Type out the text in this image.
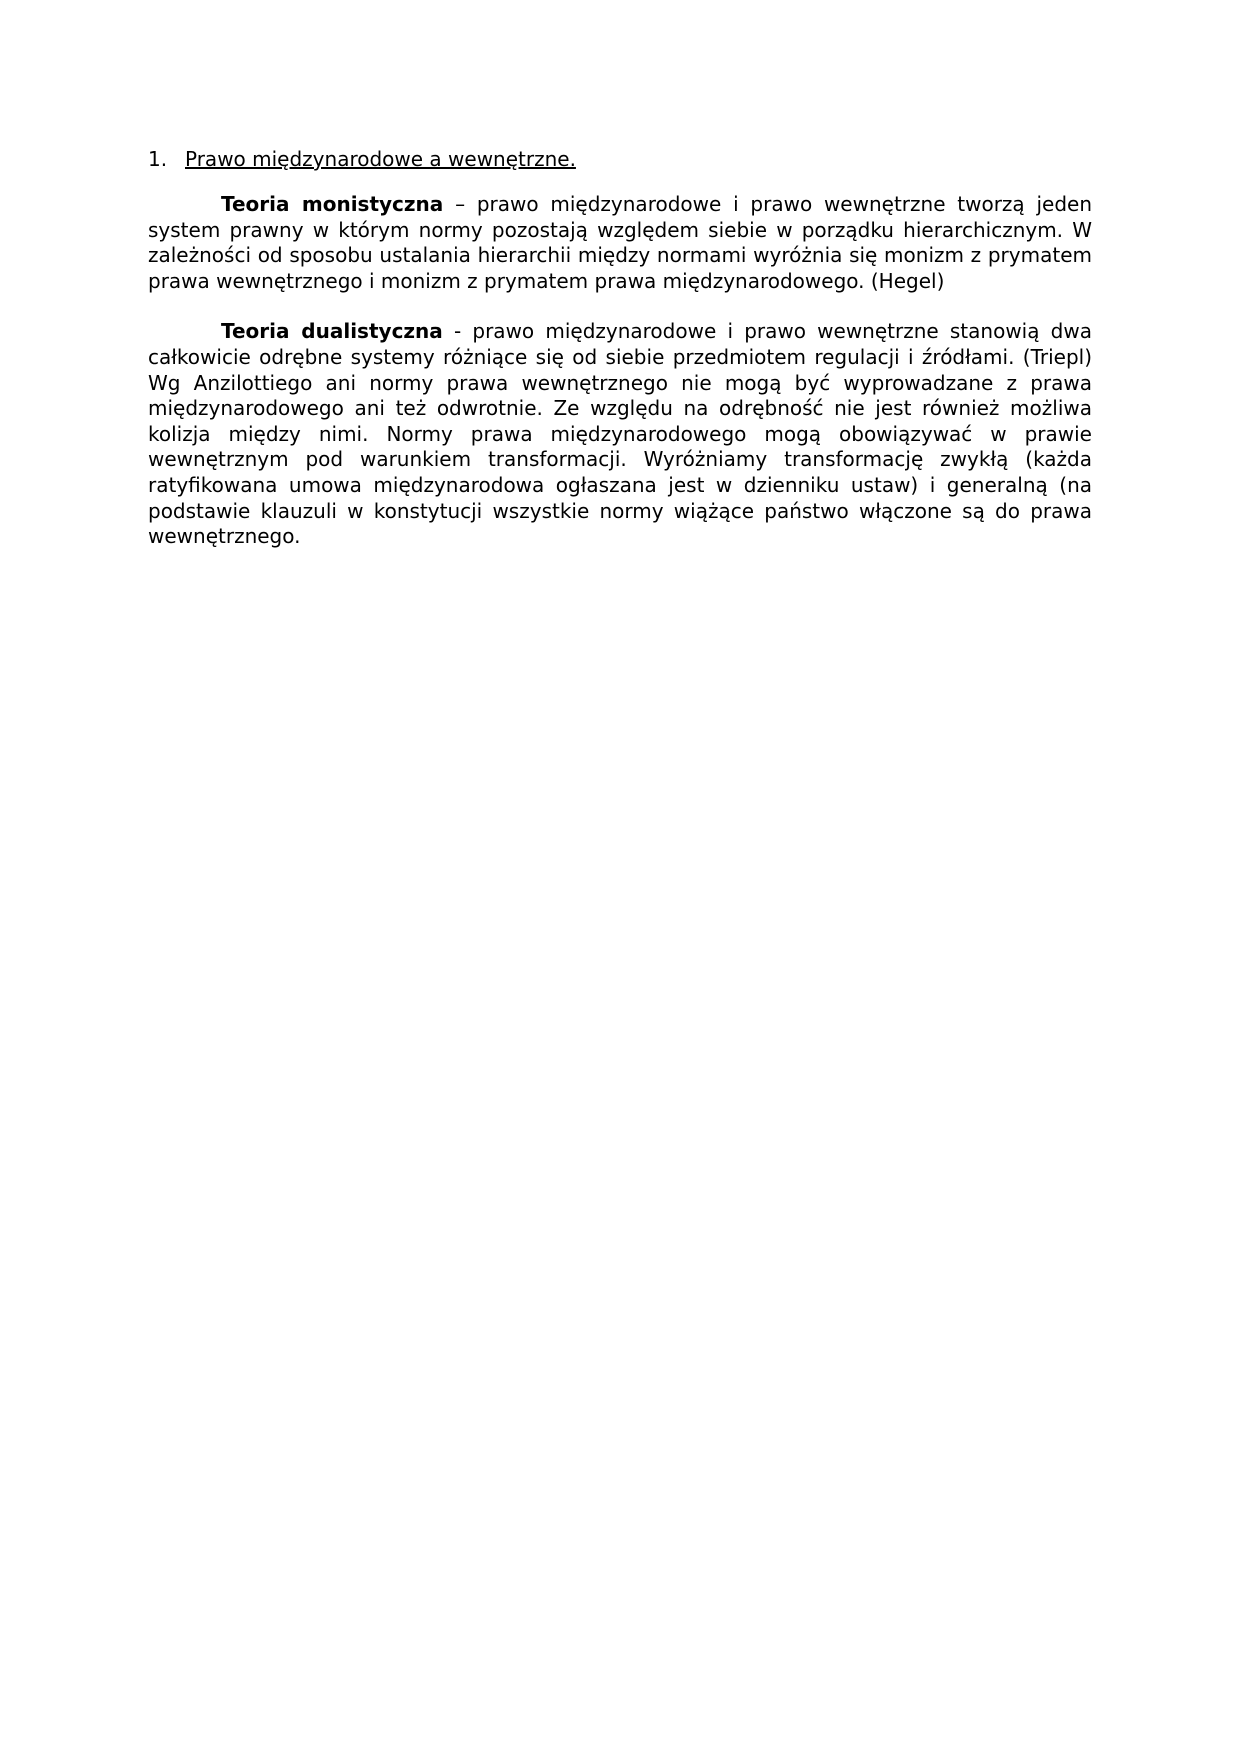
1. Prawo międzynarodowe a wewnętrzne.

Teoria monistyczna – prawo międzynarodowe i prawo wewnętrzne tworzą jeden system prawny w którym normy pozostają względem siebie w porządku hierarchicznym. W zależności od sposobu ustalania hierarchii między normami wyróżnia się monizm z prymatem prawa wewnętrznego i monizm z prymatem prawa międzynarodowego. (Hegel)

Teoria dualistyczna - prawo międzynarodowe i prawo wewnętrzne stanowią dwa całkowicie odrębne systemy różniące się od siebie przedmiotem regulacji i źródłami. (Triepl) Wg Anzilottiego ani normy prawa wewnętrznego nie mogą być wyprowadzane z prawa międzynarodowego ani też odwrotnie. Ze względu na odrębność nie jest również możliwa kolizja między nimi. Normy prawa międzynarodowego mogą obowiązywać w prawie wewnętrznym pod warunkiem transformacji. Wyróżniamy transformację zwykłą (każda ratyfikowana umowa międzynarodowa ogłaszana jest w dzienniku ustaw) i generalną (na podstawie klauzuli w konstytucji wszystkie normy wiążące państwo włączone są do prawa wewnętrznego.
